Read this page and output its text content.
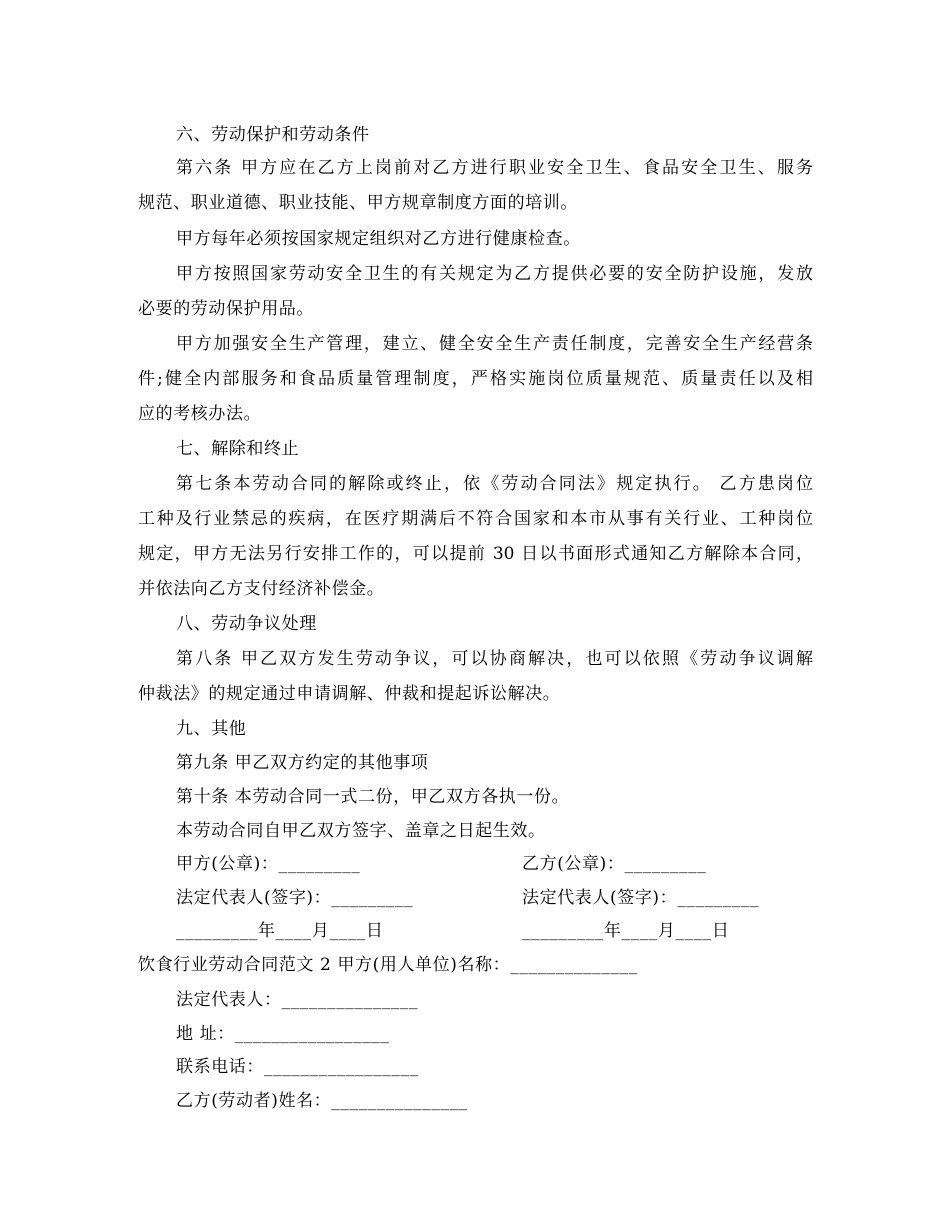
六、劳动保护和劳动条件
第六条 甲方应在乙方上岗前对乙方进行职业安全卫生、食品安全卫生、服务
规范、职业道德、职业技能、甲方规章制度方面的培训。
甲方每年必须按国家规定组织对乙方进行健康检查。
甲方按照国家劳动安全卫生的有关规定为乙方提供必要的安全防护设施，发放
必要的劳动保护用品。
甲方加强安全生产管理，建立、健全安全生产责任制度，完善安全生产经营条
件;健全内部服务和食品质量管理制度，严格实施岗位质量规范、质量责任以及相
应的考核办法。
七、解除和终止
第七条本劳动合同的解除或终止，依《劳动合同法》规定执行。 乙方患岗位
工种及行业禁忌的疾病，在医疗期满后不符合国家和本市从事有关行业、工种岗位
规定，甲方无法另行安排工作的，可以提前 30 日以书面形式通知乙方解除本合同，
并依法向乙方支付经济补偿金。
八、劳动争议处理
第八条 甲乙双方发生劳动争议，可以协商解决，也可以依照《劳动争议调解
仲裁法》的规定通过申请调解、仲裁和提起诉讼解决。
九、其他
第九条 甲乙双方约定的其他事项
第十条 本劳动合同一式二份，甲乙双方各执一份。
本劳动合同自甲乙双方签字、盖章之日起生效。
甲方(公章)：_________	乙方(公章)：_________
法定代表人(签字)：_________	法定代表人(签字)：_________
_________年____月____日	_________年____月____日
饮食行业劳动合同范文 2 甲方(用人单位)名称：______________
法定代表人：_______________
地 址：_________________
联系电话：_________________
乙方(劳动者)姓名：_______________
